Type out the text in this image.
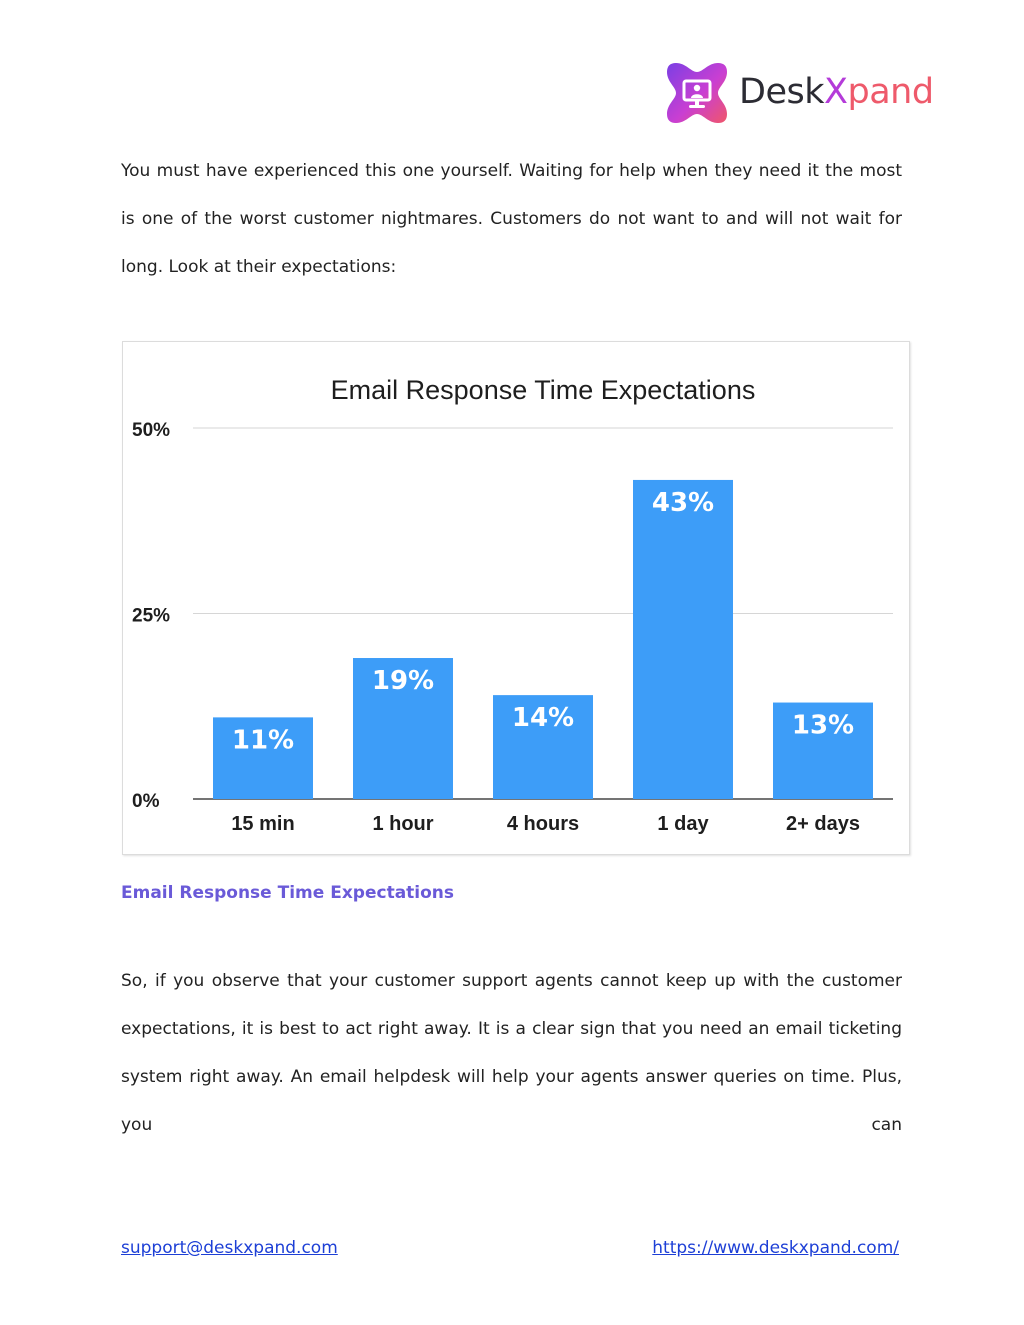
DeskXpand

You must have experienced this one yourself. Waiting for help when they need it the most is one of the worst customer nightmares. Customers do not want to and will not wait for long. Look at their expectations:

Email Response Time Expectations
0%
25%
50%
11%
19%
14%
43%
13%
15 min	1 hour	4 hours	1 day	2+ days
Email Response Time Expectations

So, if you observe that your customer support agents cannot keep up with the customer expectations, it is best to act right away. It is a clear sign that you need an email ticketing system right away. An email helpdesk will help your agents answer queries on time. Plus, you can

support@deskxpand.com	https://www.deskxpand.com/
